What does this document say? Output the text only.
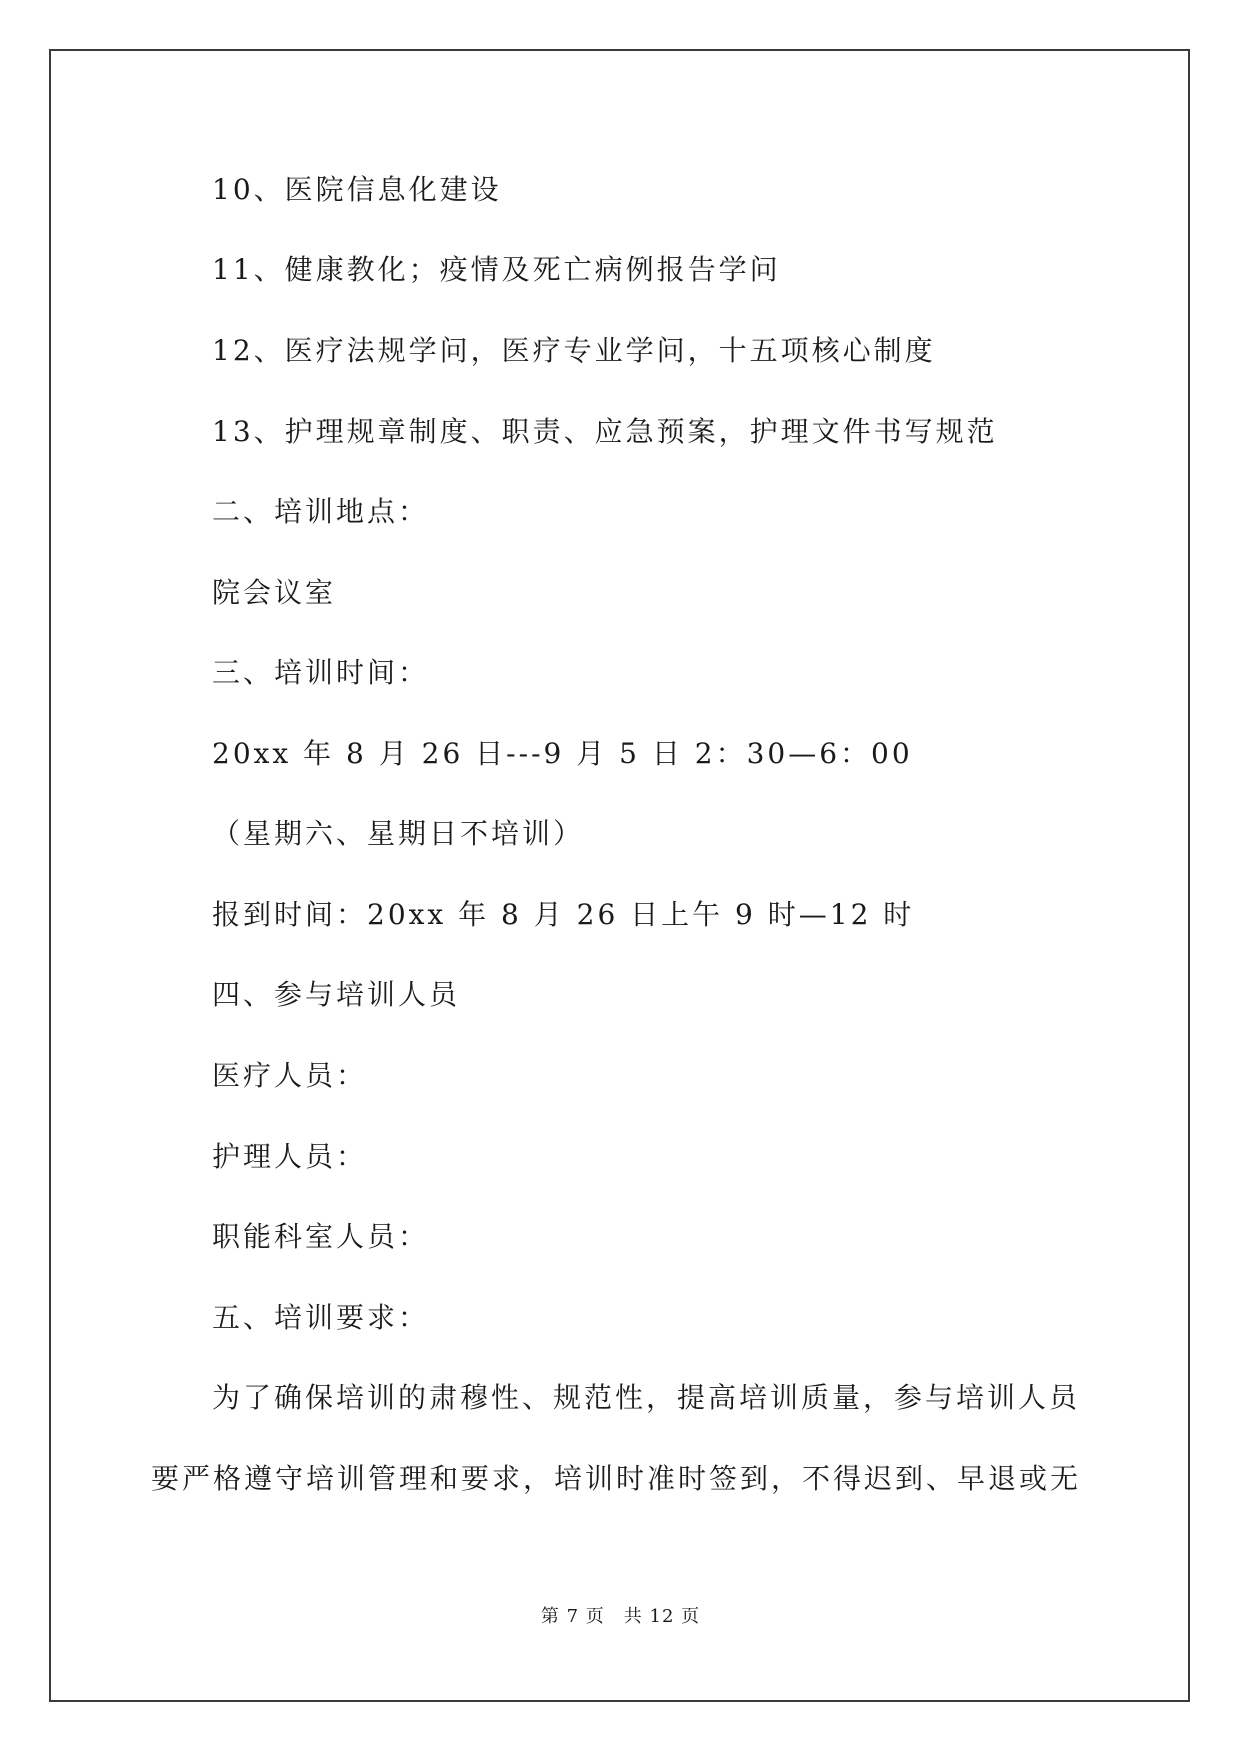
10、医院信息化建设
11、健康教化；疫情及死亡病例报告学问
12、医疗法规学问，医疗专业学问，十五项核心制度
13、护理规章制度、职责、应急预案，护理文件书写规范
二、培训地点：
院会议室
三、培训时间：
20xx 年 8 月 26 日---9 月 5 日 2：30—6：00
（星期六、星期日不培训）
报到时间：20xx 年 8 月 26 日上午 9 时—12 时
四、参与培训人员
医疗人员：
护理人员：
职能科室人员：
五、培训要求：
为了确保培训的肃穆性、规范性，提高培训质量，参与培训人员
要严格遵守培训管理和要求，培训时准时签到，不得迟到、早退或无
第 7 页　共 12 页
